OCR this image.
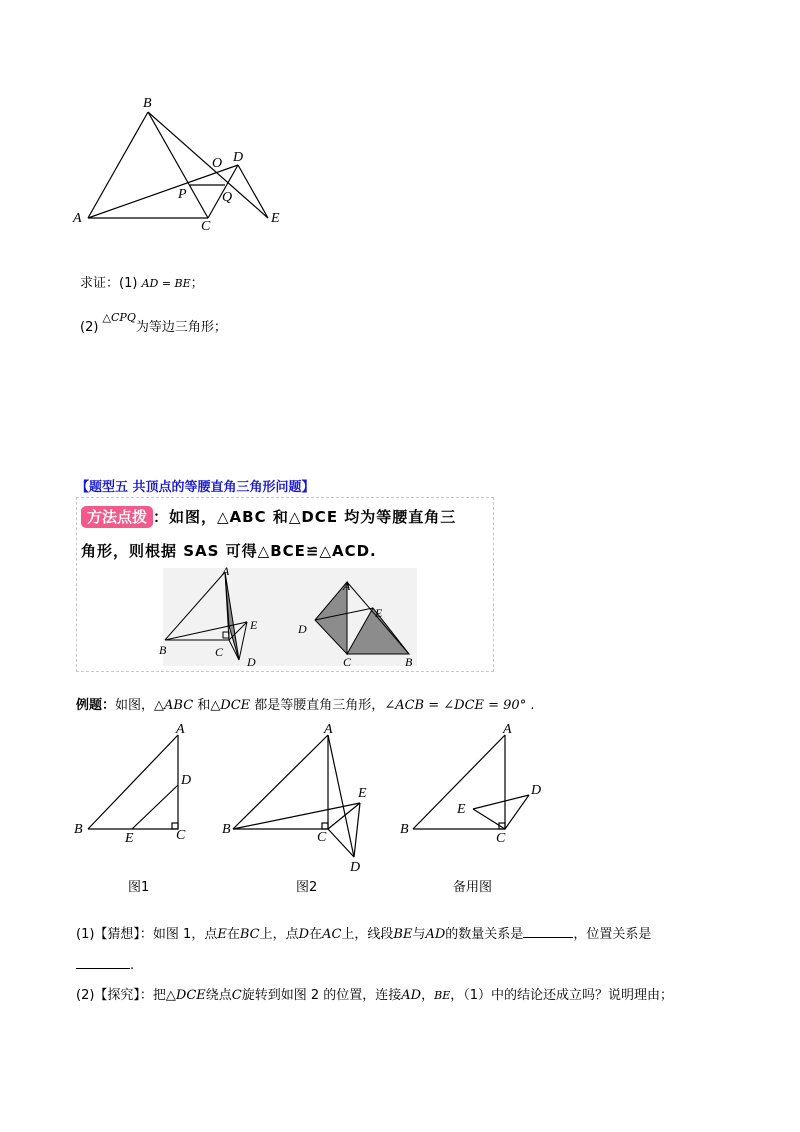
B
O D
P	Q
A
C
E
求证：(1) AD = BE；
(2) △CPQ为等边三角形；
【题型五 共顶点的等腰直角三角形问题】
方法点拨 ：如图，△ABC 和△DCE 均为等腰直角三
角形，则根据 SAS 可得△BCE≌△ACD.
A
E
B	C
D
A
D
E
C	B
例题：如图，△ABC 和△DCE 都是等腰直角三角形，∠ACB = ∠DCE = 90° .
A
D
B
E	C
图1
A
E
B
C
D
图2
A
D
E
B
C
备用图
(1)【猜想】：如图 1，点E在BC上，点D在AC上，线段BE与AD的数量关系是	，位置关系是
.
(2)【探究】：把△DCE绕点C旋转到如图 2 的位置，连接AD，BE，（1）中的结论还成立吗？说明理由；
